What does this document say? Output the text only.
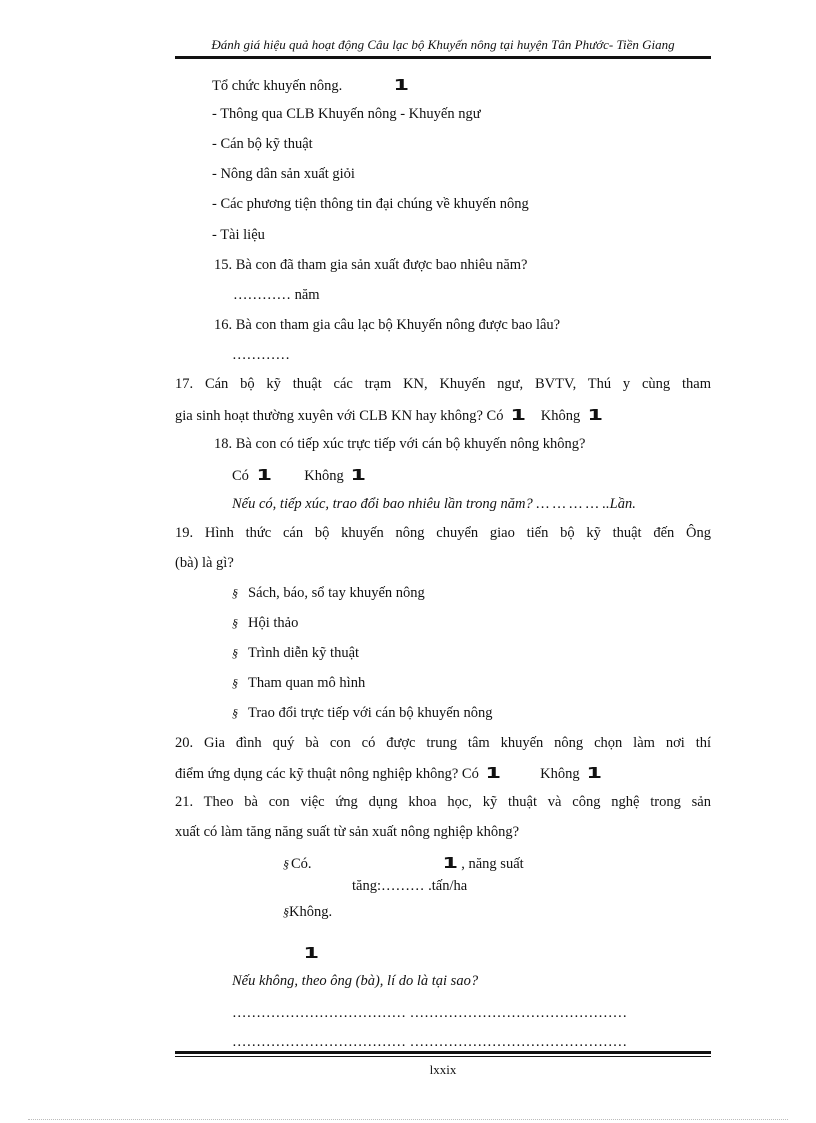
Đánh giá hiệu quả hoạt động Câu lạc bộ Khuyến nông tại huyện Tân Phước- Tiền Giang
Tổ chức khuyến nông.	1
- Thông qua CLB Khuyến nông - Khuyến ngư
- Cán bộ kỹ thuật
- Nông dân sản xuất giỏi
- Các phương tiện thông tin đại chúng về khuyến nông
- Tài liệu
15. Bà con đã tham gia sản xuất được bao nhiêu năm?
………… năm
16. Bà con tham gia câu lạc bộ Khuyến nông được bao lâu?
…………
17. Cán bộ kỹ thuật các trạm KN, Khuyến ngư, BVTV, Thú y cùng tham
gia sinh hoạt thường xuyên với CLB KN hay không? Có 1 Không 1
18. Bà con có tiếp xúc trực tiếp với cán bộ khuyến nông không?
Có 1 Không 1
Nếu có, tiếp xúc, trao đổi bao nhiêu lần trong năm? … … … … ..Lần.
19. Hình thức cán bộ khuyến nông chuyển giao tiến bộ kỹ thuật đến Ông
(bà) là gì?
§ Sách, báo, sổ tay khuyến nông
§ Hội thảo
§ Trình diễn kỹ thuật
§ Tham quan mô hình
§ Trao đổi trực tiếp với cán bộ khuyến nông
20. Gia đình quý bà con có được trung tâm khuyến nông chọn làm nơi thí
điểm ứng dụng các kỹ thuật nông nghiệp không? Có 1	Không 1
21. Theo bà con việc ứng dụng khoa học, kỹ thuật và công nghệ trong sản
xuất có làm tăng năng suất từ sản xuất nông nghiệp không?
§ Có.	1 , năng suất
tăng:……… .tấn/ha
§Không.
1
Nếu không, theo ông (bà), lí do là tại sao?
……………………………… ………………………………………
……………………………… ………………………………………
lxxix
